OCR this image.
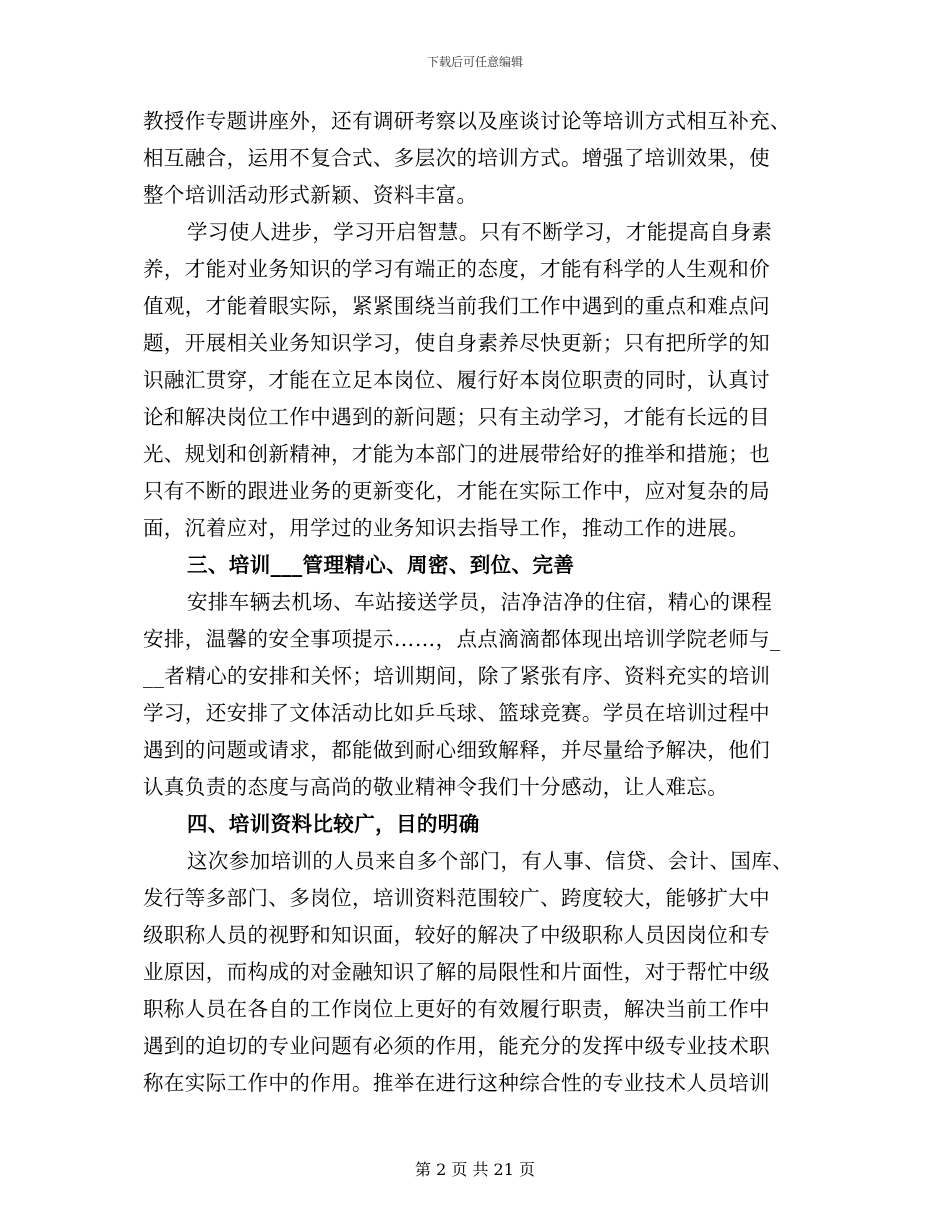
下载后可任意编辑
教授作专题讲座外，还有调研考察以及座谈讨论等培训方式相互补充、
相互融合，运用不复合式、多层次的培训方式。增强了培训效果，使
整个培训活动形式新颖、资料丰富。
学习使人进步，学习开启智慧。只有不断学习，才能提高自身素
养，才能对业务知识的学习有端正的态度，才能有科学的人生观和价
值观，才能着眼实际，紧紧围绕当前我们工作中遇到的重点和难点问
题，开展相关业务知识学习，使自身素养尽快更新；只有把所学的知
识融汇贯穿，才能在立足本岗位、履行好本岗位职责的同时，认真讨
论和解决岗位工作中遇到的新问题；只有主动学习，才能有长远的目
光、规划和创新精神，才能为本部门的进展带给好的推举和措施；也
只有不断的跟进业务的更新变化，才能在实际工作中，应对复杂的局
面，沉着应对，用学过的业务知识去指导工作，推动工作的进展。
三、培训___管理精心、周密、到位、完善
安排车辆去机场、车站接送学员，洁净洁净的住宿，精心的课程
安排，温馨的安全事项提示……，点点滴滴都体现出培训学院老师与_
__者精心的安排和关怀；培训期间，除了紧张有序、资料充实的培训
学习，还安排了文体活动比如乒乓球、篮球竞赛。学员在培训过程中
遇到的问题或请求，都能做到耐心细致解释，并尽量给予解决，他们
认真负责的态度与高尚的敬业精神令我们十分感动，让人难忘。
四、培训资料比较广，目的明确
这次参加培训的人员来自多个部门，有人事、信贷、会计、国库、
发行等多部门、多岗位，培训资料范围较广、跨度较大，能够扩大中
级职称人员的视野和知识面，较好的解决了中级职称人员因岗位和专
业原因，而构成的对金融知识了解的局限性和片面性，对于帮忙中级
职称人员在各自的工作岗位上更好的有效履行职责，解决当前工作中
遇到的迫切的专业问题有必须的作用，能充分的发挥中级专业技术职
称在实际工作中的作用。推举在进行这种综合性的专业技术人员培训
第 2 页 共 21 页
